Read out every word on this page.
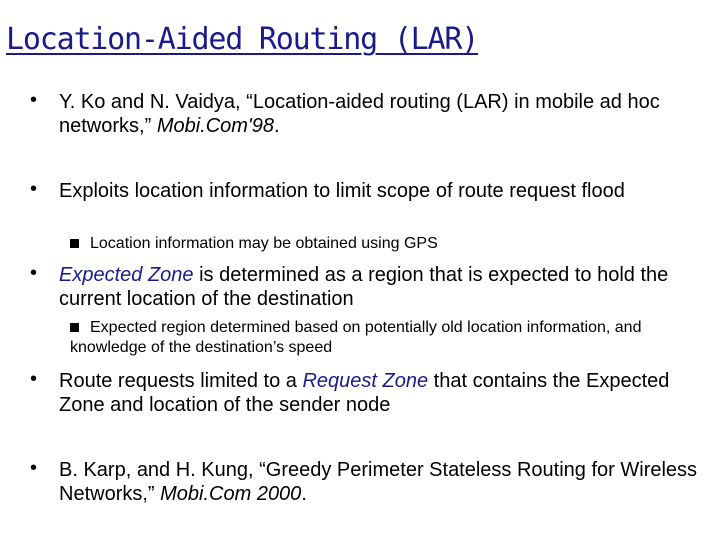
Location-Aided Routing (LAR)
• Y. Ko and N. Vaidya, “Location-aided routing (LAR) in mobile ad hoc networks,” Mobi.Com'98.
• Exploits location information to limit scope of route request flood
Location information may be obtained using GPS
• Expected Zone is determined as a region that is expected to hold the current location of the destination
Expected region determined based on potentially old location information, and knowledge of the destination’s speed
• Route requests limited to a Request Zone that contains the Expected Zone and location of the sender node
• B. Karp, and H. Kung, “Greedy Perimeter Stateless Routing for Wireless Networks,” Mobi.Com 2000.
